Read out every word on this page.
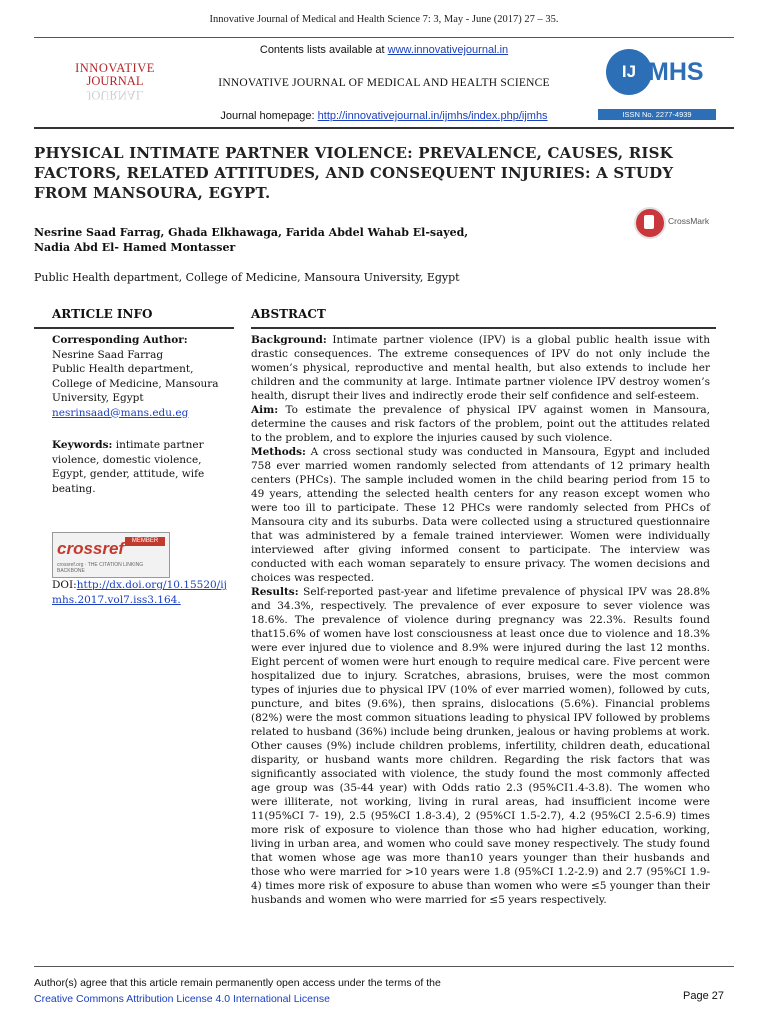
Innovative Journal of Medical and Health Science 7: 3, May - June (2017) 27 – 35.
Contents lists available at www.innovativejournal.in
INNOVATIVE
JOURNAL
JOURNAL
INNOVATIVE JOURNAL OF MEDICAL AND HEALTH SCIENCE
IJ MHS
ISSN No. 2277-4939
Journal homepage: http://innovativejournal.in/ijmhs/index.php/ijmhs
PHYSICAL INTIMATE PARTNER VIOLENCE: PREVALENCE, CAUSES, RISK FACTORS, RELATED ATTITUDES, AND CONSEQUENT INJURIES: A STUDY FROM MANSOURA, EGYPT.
CrossMark
Nesrine Saad Farrag, Ghada Elkhawaga, Farida Abdel Wahab El-sayed,
Nadia Abd El- Hamed Montasser
Public Health department, College of Medicine, Mansoura University, Egypt
ARTICLE INFO	ABSTRACT
Corresponding Author:
Nesrine Saad Farrag
Public Health department,
College of Medicine, Mansoura
University, Egypt
nesrinsaad@mans.edu.eg
Keywords: intimate partner violence, domestic violence, Egypt, gender, attitude, wife beating.
crossref	MEMBER
crossref.org · THE CITATION LINKING BACKBONE
DOI:http://dx.doi.org/10.15520/ijmhs.2017.vol7.iss3.164.

Background: Intimate partner violence (IPV) is a global public health issue with drastic consequences. The extreme consequences of IPV do not only include the women’s physical, reproductive and mental health, but also extends to include her children and the community at large. Intimate partner violence IPV destroy women’s health, disrupt their lives and indirectly erode their self confidence and self-esteem.

Aim: To estimate the prevalence of physical IPV against women in Mansoura, determine the causes and risk factors of the problem, point out the attitudes related to the problem, and to explore the injuries caused by such violence.

Methods: A cross sectional study was conducted in Mansoura, Egypt and included 758 ever married women randomly selected from attendants of 12 primary health centers (PHCs). The sample included women in the child bearing period from 15 to 49 years, attending the selected health centers for any reason except women who were too ill to participate. These 12 PHCs were randomly selected from PHCs of Mansoura city and its suburbs. Data were collected using a structured questionnaire that was administered by a female trained interviewer. Women were individually interviewed after giving informed consent to participate. The interview was conducted with each woman separately to ensure privacy. The women decisions and choices was respected.

Results: Self-reported past-year and lifetime prevalence of physical IPV was 28.8% and 34.3%, respectively. The prevalence of ever exposure to sever violence was 18.6%. The prevalence of violence during pregnancy was 22.3%. Results found that15.6% of women have lost consciousness at least once due to violence and 18.3% were ever injured due to violence and 8.9% were injured during the last 12 months. Eight percent of women were hurt enough to require medical care. Five percent were hospitalized due to injury. Scratches, abrasions, bruises, were the most common types of injuries due to physical IPV (10% of ever married women), followed by cuts, puncture, and bites (9.6%), then sprains, dislocations (5.6%). Financial problems (82%) were the most common situations leading to physical IPV followed by problems related to husband (36%) include being drunken, jealous or having problems at work. Other causes (9%) include children problems, infertility, children death, educational disparity, or husband wants more children. Regarding the risk factors that was significantly associated with violence, the study found the most commonly affected age group was (35-44 year) with Odds ratio 2.3 (95%CI1.4-3.8). The women who were illiterate, not working, living in rural areas, had insufficient income were 11(95%CI 7- 19), 2.5 (95%CI 1.8-3.4), 2 (95%CI 1.5-2.7), 4.2 (95%CI 2.5-6.9) times more risk of exposure to violence than those who had higher education, working, living in urban area, and women who could save money respectively. The study found that women whose age was more than10 years younger than their husbands and those who were married for >10 years were 1.8 (95%CI 1.2-2.9) and 2.7 (95%CI 1.9-4) times more risk of exposure to abuse than women who were ≤5 younger than their husbands and women who were married for ≤5 years respectively.

Author(s) agree that this article remain permanently open access under the terms of the
Creative Commons Attribution License 4.0 International License	Page 27
